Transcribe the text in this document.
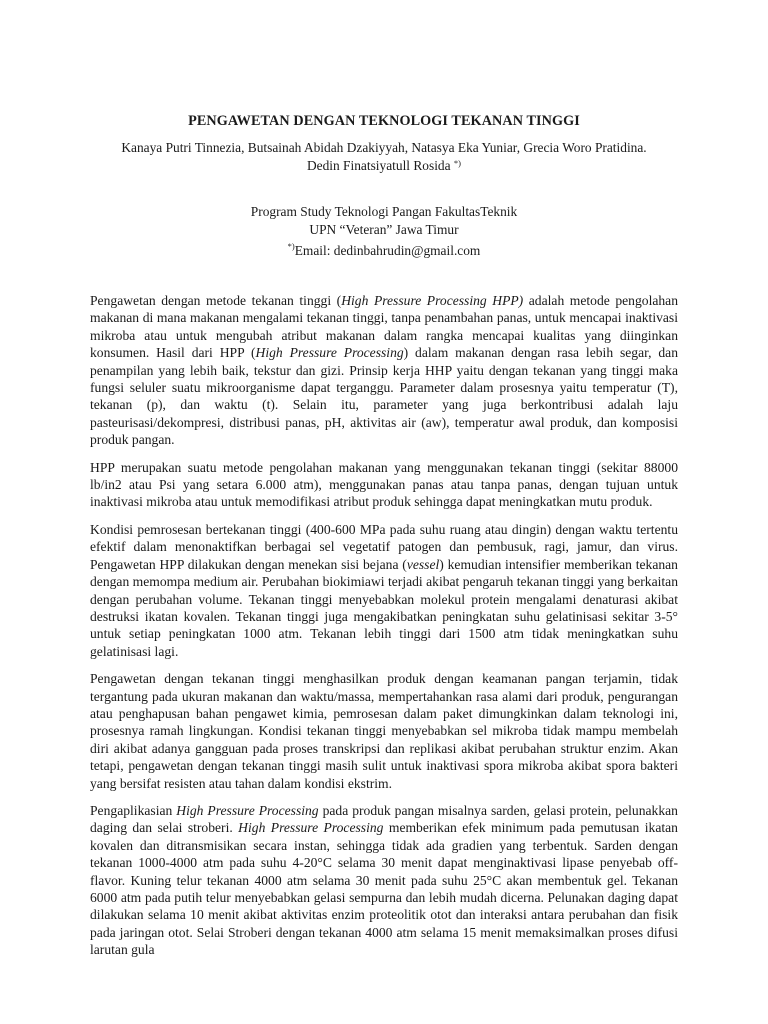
PENGAWETAN DENGAN TEKNOLOGI TEKANAN TINGGI
Kanaya Putri Tinnezia, Butsainah Abidah Dzakiyyah, Natasya Eka Yuniar, Grecia Woro Pratidina.
Dedin Finatsiyatull Rosida *)
Program Study Teknologi Pangan FakultasTeknik
UPN “Veteran” Jawa Timur
*)Email: dedinbahrudin@gmail.com

Pengawetan dengan metode tekanan tinggi (High Pressure Processing HPP) adalah metode pengolahan makanan di mana makanan mengalami tekanan tinggi, tanpa penambahan panas, untuk mencapai inaktivasi mikroba atau untuk mengubah atribut makanan dalam rangka mencapai kualitas yang diinginkan konsumen. Hasil dari HPP (High Pressure Processing) dalam makanan dengan rasa lebih segar, dan penampilan yang lebih baik, tekstur dan gizi. Prinsip kerja HHP yaitu dengan tekanan yang tinggi maka fungsi seluler suatu mikroorganisme dapat terganggu. Parameter dalam prosesnya yaitu temperatur (T), tekanan (p), dan waktu (t). Selain itu, parameter yang juga berkontribusi adalah laju pasteurisasi/dekompresi, distribusi panas, pH, aktivitas air (aw), temperatur awal produk, dan komposisi produk pangan.

HPP merupakan suatu metode pengolahan makanan yang menggunakan tekanan tinggi (sekitar 88000 lb/in2 atau Psi yang setara 6.000 atm), menggunakan panas atau tanpa panas, dengan tujuan untuk inaktivasi mikroba atau untuk memodifikasi atribut produk sehingga dapat meningkatkan mutu produk.

Kondisi pemrosesan bertekanan tinggi (400-600 MPa pada suhu ruang atau dingin) dengan waktu tertentu efektif dalam menonaktifkan berbagai sel vegetatif patogen dan pembusuk, ragi, jamur, dan virus. Pengawetan HPP dilakukan dengan menekan sisi bejana (vessel) kemudian intensifier memberikan tekanan dengan memompa medium air. Perubahan biokimiawi terjadi akibat pengaruh tekanan tinggi yang berkaitan dengan perubahan volume. Tekanan tinggi menyebabkan molekul protein mengalami denaturasi akibat destruksi ikatan kovalen. Tekanan tinggi juga mengakibatkan peningkatan suhu gelatinisasi sekitar 3-5° untuk setiap peningkatan 1000 atm. Tekanan lebih tinggi dari 1500 atm tidak meningkatkan suhu gelatinisasi lagi.

Pengawetan dengan tekanan tinggi menghasilkan produk dengan keamanan pangan terjamin, tidak tergantung pada ukuran makanan dan waktu/massa, mempertahankan rasa alami dari produk, pengurangan atau penghapusan bahan pengawet kimia, pemrosesan dalam paket dimungkinkan dalam teknologi ini, prosesnya ramah lingkungan. Kondisi tekanan tinggi menyebabkan sel mikroba tidak mampu membelah diri akibat adanya gangguan pada proses transkripsi dan replikasi akibat perubahan struktur enzim. Akan tetapi, pengawetan dengan tekanan tinggi masih sulit untuk inaktivasi spora mikroba akibat spora bakteri yang bersifat resisten atau tahan dalam kondisi ekstrim.

Pengaplikasian High Pressure Processing pada produk pangan misalnya sarden, gelasi protein, pelunakkan daging dan selai stroberi. High Pressure Processing memberikan efek minimum pada pemutusan ikatan kovalen dan ditransmisikan secara instan, sehingga tidak ada gradien yang terbentuk. Sarden dengan tekanan 1000-4000 atm pada suhu 4-20°C selama 30 menit dapat menginaktivasi lipase penyebab off-flavor. Kuning telur tekanan 4000 atm selama 30 menit pada suhu 25°C akan membentuk gel. Tekanan 6000 atm pada putih telur menyebabkan gelasi sempurna dan lebih mudah dicerna. Pelunakan daging dapat dilakukan selama 10 menit akibat aktivitas enzim proteolitik otot dan interaksi antara perubahan dan fisik pada jaringan otot. Selai Stroberi dengan tekanan 4000 atm selama 15 menit memaksimalkan proses difusi larutan gula
